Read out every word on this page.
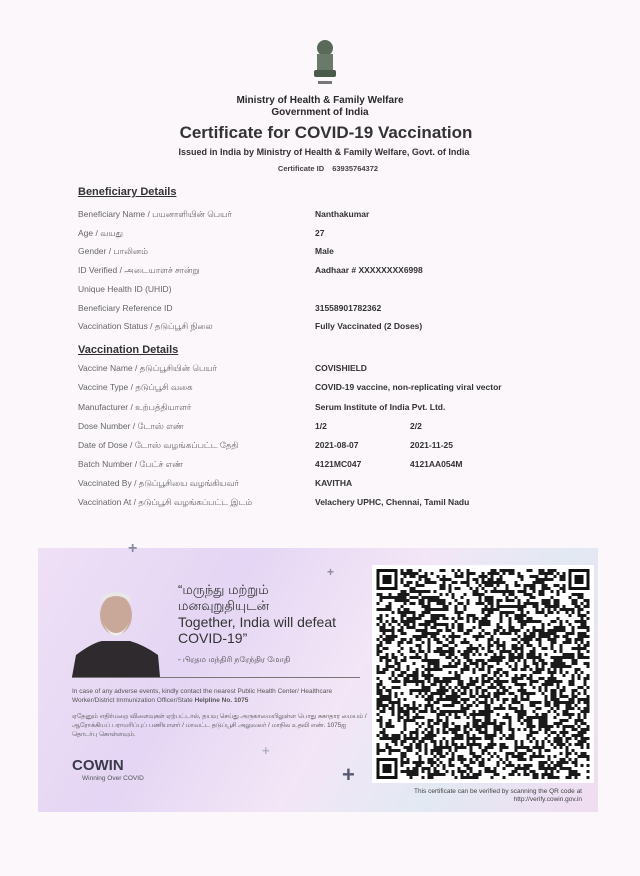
Ministry of Health & Family Welfare
Government of India
Certificate for COVID-19 Vaccination
Issued in India by Ministry of Health & Family Welfare, Govt. of India
Certificate ID 63935764372
Beneficiary Details
Beneficiary Name / பயனாளியின் பெயர்	Nanthakumar
Age / வயது	27
Gender / பாலினம்	Male
ID Verified / அடையாளச் சான்று	Aadhaar # XXXXXXXX6998
Unique Health ID (UHID)
Beneficiary Reference ID	31558901782362
Vaccination Status / தடுப்பூசி நிலை	Fully Vaccinated (2 Doses)
Vaccination Details
Vaccine Name / தடுப்பூசியின் பெயர்	COVISHIELD
Vaccine Type / தடுப்பூசி வகை	COVID-19 vaccine, non-replicating viral vector
Manufacturer / உற்பத்தியாளர்	Serum Institute of India Pvt. Ltd.
Dose Number / டோஸ் எண்	1/2	2/2
Date of Dose / டோஸ் வழங்கப்பட்ட தேதி	2021-08-07	2021-11-25
Batch Number / பேட்ச் எண்	4121MC047	4121AA054M
Vaccinated By / தடுப்பூசியை வழங்கியவர்	KAVITHA
Vaccination At / தடுப்பூசி வழங்கப்பட்ட இடம்	Velachery UPHC, Chennai, Tamil Nadu
+
+
+
+
“மருந்து மற்றும்
மனவுறுதியுடன்
Together, India will defeat
COVID-19”
- பிரதம மந்திரி நரேந்திர மோதி
In case of any adverse events, kindly contact the nearest Public Health Center/ Healthcare Worker/District Immunization Officer/State Helpline No. 1075
ஏதேனும் எதிர்மறை விளைவுகள் ஏற்பட்டால், தயவு செய்து அருகாமையிலுள்ள பொது சுகாதார மையம் / ஆரோக்கியப் பராமரிப்புப் பணியாளர் / மாவட்ட தடுப்பூசி அலுவலர் / மாநில உதவி எண். 1075ஐ தொடர்பு கொள்ளவும்.
COWIN
Winning Over COVID
This certificate can be verified by scanning the QR code at
http://verify.cowin.gov.in
